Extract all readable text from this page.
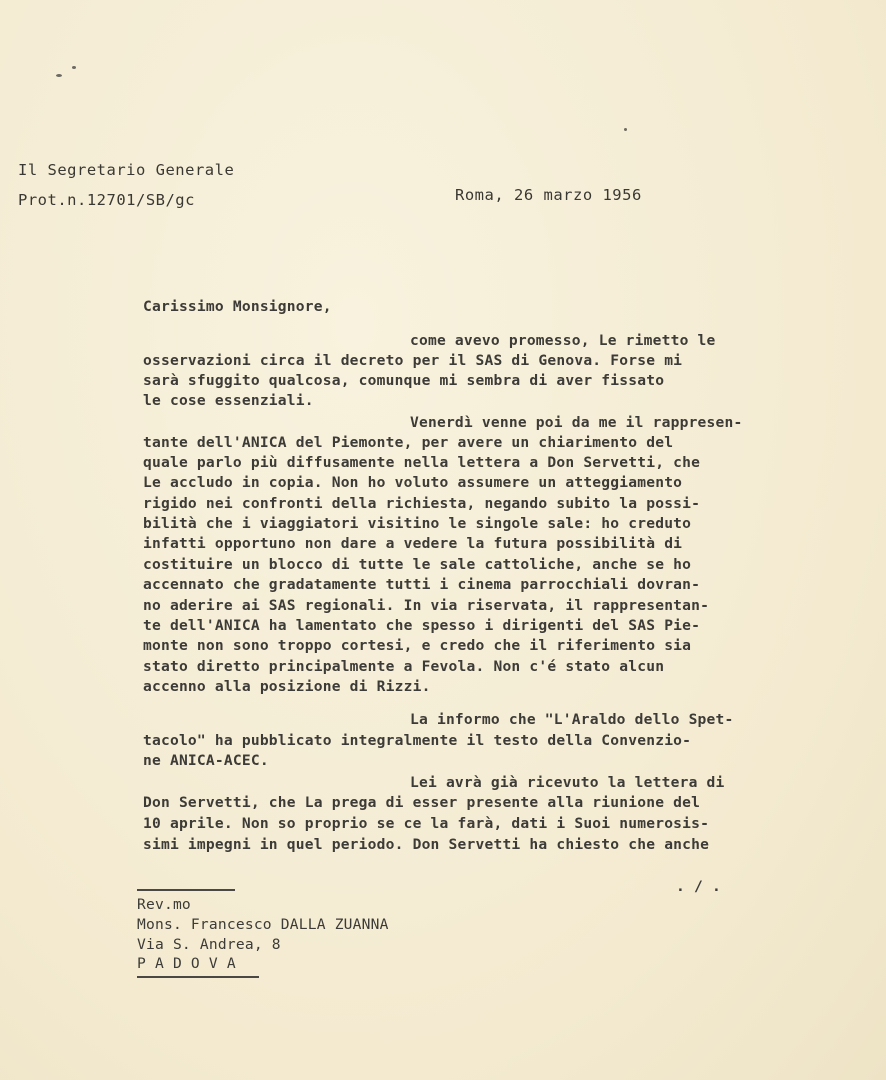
Il Segretario Generale
Prot.n.12701/SB/gc	Roma, 26 marzo 1956
Carissimo Monsignore,
come avevo promesso, Le rimetto le
osservazioni circa il decreto per il SAS di Genova. Forse mi
sarà sfuggito qualcosa, comunque mi sembra di aver fissato
le cose essenziali.
Venerdì venne poi da me il rappresen-
tante dell'ANICA del Piemonte, per avere un chiarimento del
quale parlo più diffusamente nella lettera a Don Servetti, che
Le accludo in copia. Non ho voluto assumere un atteggiamento
rigido nei confronti della richiesta, negando subito la possi-
bilità che i viaggiatori visitino le singole sale: ho creduto
infatti opportuno non dare a vedere la futura possibilità di
costituire un blocco di tutte le sale cattoliche, anche se ho
accennato che gradatamente tutti i cinema parrocchiali dovran-
no aderire ai SAS regionali. In via riservata, il rappresentan-
te dell'ANICA ha lamentato che spesso i dirigenti del SAS Pie-
monte non sono troppo cortesi, e credo che il riferimento sia
stato diretto principalmente a Fevola. Non c'é stato alcun
accenno alla posizione di Rizzi.
La informo che "L'Araldo dello Spet-
tacolo" ha pubblicato integralmente il testo della Convenzio-
ne ANICA-ACEC.
Lei avrà già ricevuto la lettera di
Don Servetti, che La prega di esser presente alla riunione del
10 aprile. Non so proprio se ce la farà, dati i Suoi numerosis-
simi impegni in quel periodo. Don Servetti ha chiesto che anche
. / .
Rev.mo
Mons. Francesco DALLA ZUANNA
Via S. Andrea, 8
P A D O V A
